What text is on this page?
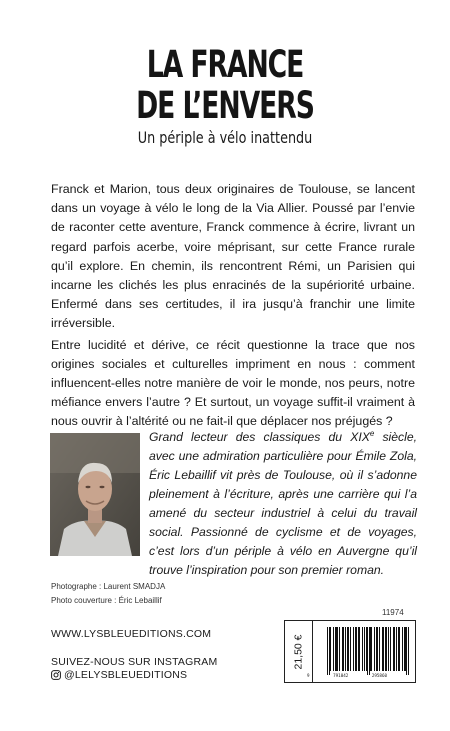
LA FRANCE
DE L’ENVERS
Un périple à vélo inattendu

Franck et Marion, tous deux originaires de Toulouse, se lancent dans un voyage à vélo le long de la Via Allier. Poussé par l’envie de raconter cette aventure, Franck commence à écrire, livrant un regard parfois acerbe, voire méprisant, sur cette France rurale qu’il explore. En chemin, ils rencontrent Rémi, un Parisien qui incarne les clichés les plus enracinés de la supériorité urbaine. Enfermé dans ses certitudes, il ira jusqu’à franchir une limite irréversible.

Entre lucidité et dérive, ce récit questionne la trace que nos origines sociales et culturelles impriment en nous : comment influencent-elles notre manière de voir le monde, nos peurs, notre méfiance envers l’autre ? Et surtout, un voyage suffit-il vraiment à nous ouvrir à l’altérité ou ne fait-il que déplacer nos préjugés ?

Grand lecteur des classiques du XIXe siècle, avec une admiration particulière pour Émile Zola, Éric Lebaillif vit près de Toulouse, où il s’adonne pleinement à l’écriture, après une carrière qui l’a amené du secteur industriel à celui du travail social. Passionné de cyclisme et de voyages, c’est lors d’un périple à vélo en Auvergne qu’il trouve l’inspiration pour son premier roman.

Photographe : Laurent SMADJA
Photo couverture : Éric Lebaillif
11974
WWW.LYSBLEUEDITIONS.COM
SUIVEZ-NOUS SUR INSTAGRAM
@LELYSBLEUEDITIONS
21,50 €
9	791042	295860
